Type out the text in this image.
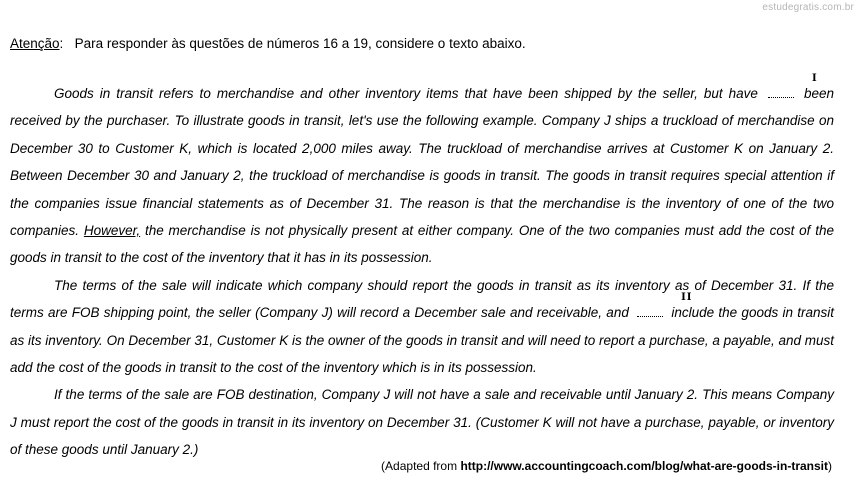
estudegratis.com.br
Atenção: Para responder às questões de números 16 a 19, considere o texto abaixo.

Goods in transit refers to merchandise and other inventory items that have been shipped by the seller, but have
I
been received by the purchaser. To illustrate goods in transit, let's use the following example. Company J ships a truckload of merchandise on December 30 to Customer K, which is located 2,000 miles away. The truckload of merchandise arrives at Customer K on January 2. Between December 30 and January 2, the truckload of merchandise is goods in transit. The goods in transit requires special attention if the companies issue financial statements as of December 31. The reason is that the merchandise is the inventory of one of the two companies. However, the merchandise is not physically present at either company. One of the two companies must add the cost of the goods in transit to the cost of the inventory that it has in its possession.

The terms of the sale will indicate which company should report the goods in transit as its inventory as of December 31. If the terms are FOB shipping point, the seller (Company J) will record a December sale and receivable, and
II
include the goods in transit as its inventory. On December 31, Customer K is the owner of the goods in transit and will need to report a purchase, a payable, and must add the cost of the goods in transit to the cost of the inventory which is in its possession.

If the terms of the sale are FOB destination, Company J will not have a sale and receivable until January 2. This means Company J must report the cost of the goods in transit in its inventory on December 31. (Customer K will not have a purchase, payable, or inventory of these goods until January 2.)

(Adapted from http://www.accountingcoach.com/blog/what-are-goods-in-transit)
